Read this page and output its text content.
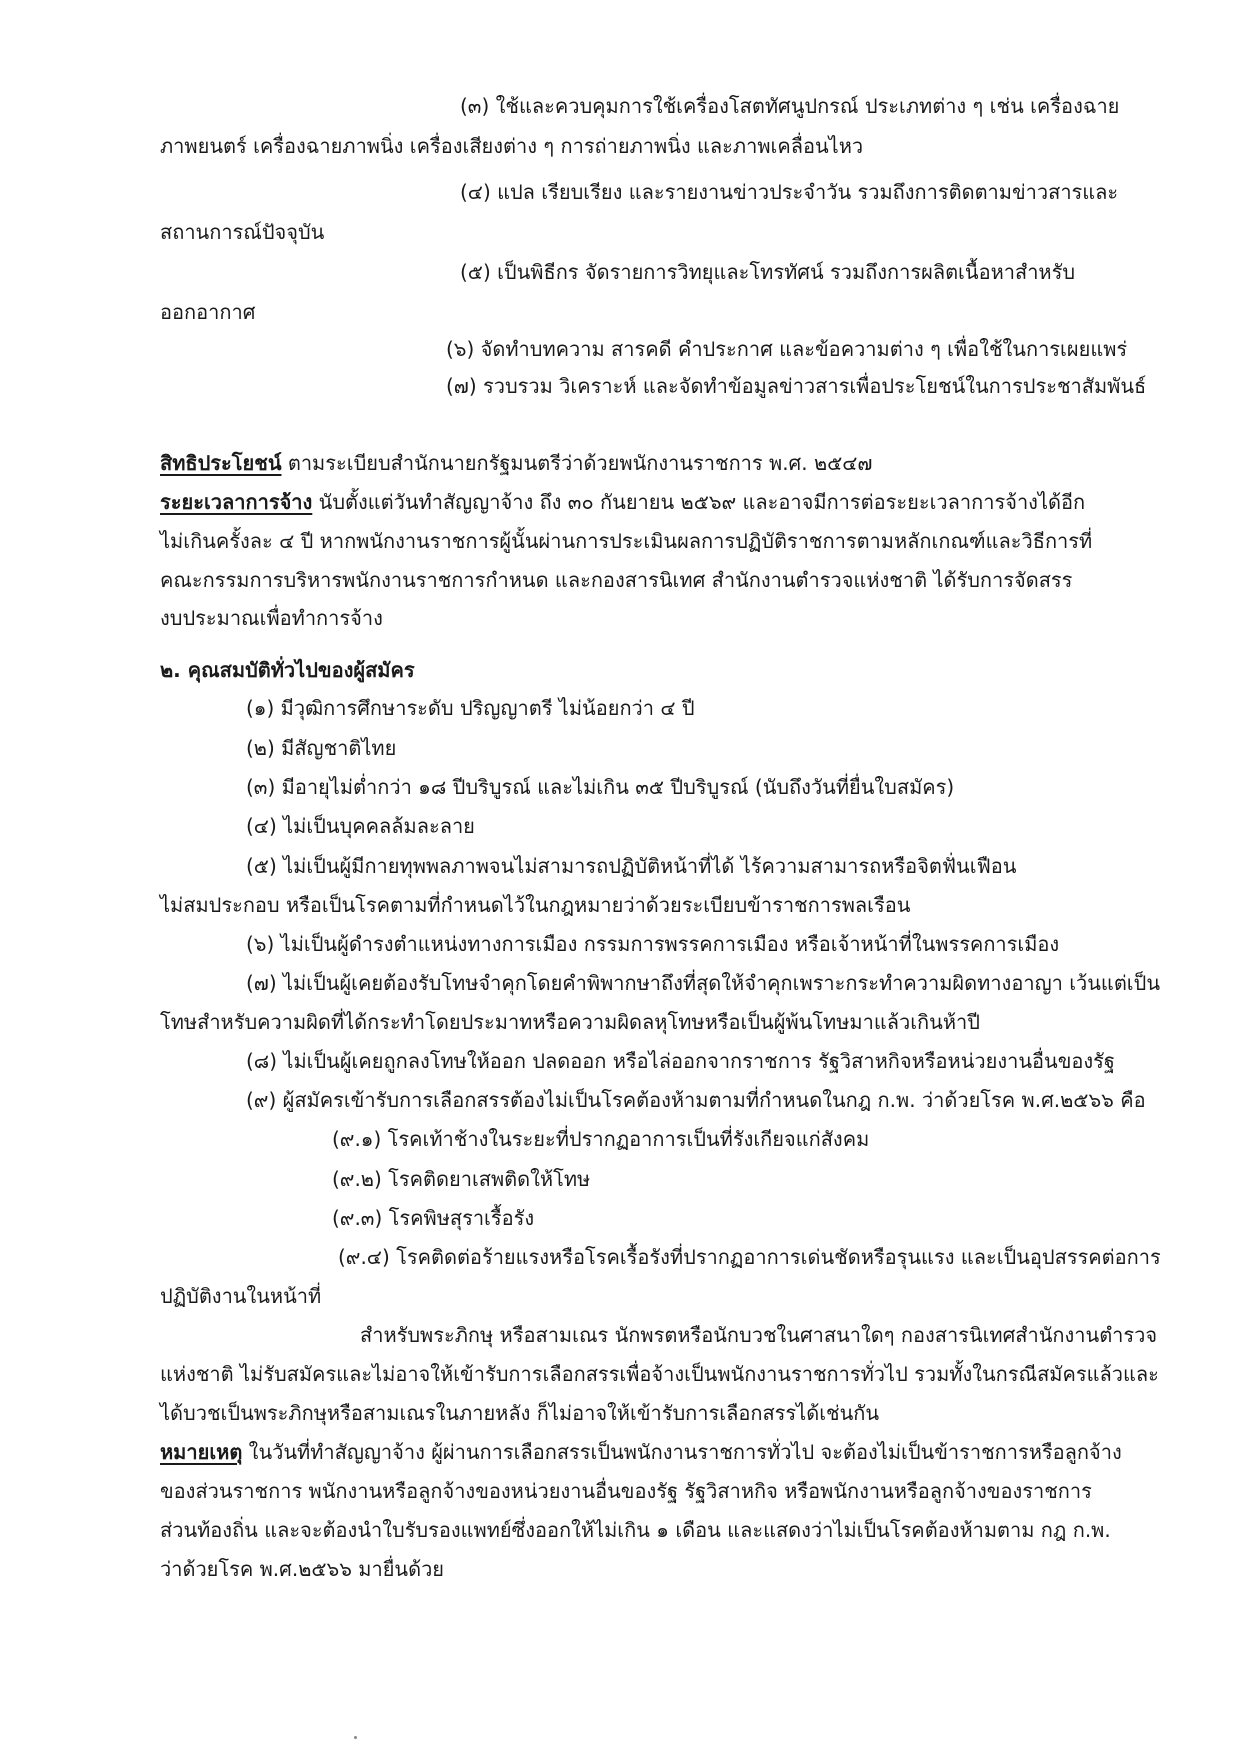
(๓) ใช้และควบคุมการใช้เครื่องโสตทัศนูปกรณ์ ประเภทต่าง ๆ เช่น เครื่องฉาย
ภาพยนตร์ เครื่องฉายภาพนิ่ง เครื่องเสียงต่าง ๆ การถ่ายภาพนิ่ง และภาพเคลื่อนไหว
(๔) แปล เรียบเรียง และรายงานข่าวประจำวัน รวมถึงการติดตามข่าวสารและ
สถานการณ์ปัจจุบัน
(๕) เป็นพิธีกร จัดรายการวิทยุและโทรทัศน์ รวมถึงการผลิตเนื้อหาสำหรับ
ออกอากาศ
(๖) จัดทำบทความ สารคดี คำประกาศ และข้อความต่าง ๆ เพื่อใช้ในการเผยแพร่
(๗) รวบรวม วิเคราะห์ และจัดทำข้อมูลข่าวสารเพื่อประโยชน์ในการประชาสัมพันธ์
สิทธิประโยชน์ ตามระเบียบสำนักนายกรัฐมนตรีว่าด้วยพนักงานราชการ พ.ศ. ๒๕๔๗
ระยะเวลาการจ้าง นับตั้งแต่วันทำสัญญาจ้าง ถึง ๓๐ กันยายน ๒๕๖๙ และอาจมีการต่อระยะเวลาการจ้างได้อีก
ไม่เกินครั้งละ ๔ ปี หากพนักงานราชการผู้นั้นผ่านการประเมินผลการปฏิบัติราชการตามหลักเกณฑ์และวิธีการที่
คณะกรรมการบริหารพนักงานราชการกำหนด และกองสารนิเทศ สำนักงานตำรวจแห่งชาติ ได้รับการจัดสรร
งบประมาณเพื่อทำการจ้าง
๒. คุณสมบัติทั่วไปของผู้สมัคร
(๑) มีวุฒิการศึกษาระดับ ปริญญาตรี ไม่น้อยกว่า ๔ ปี
(๒) มีสัญชาติไทย
(๓) มีอายุไม่ต่ำกว่า ๑๘ ปีบริบูรณ์ และไม่เกิน ๓๕ ปีบริบูรณ์ (นับถึงวันที่ยื่นใบสมัคร)
(๔) ไม่เป็นบุคคลล้มละลาย
(๕) ไม่เป็นผู้มีกายทุพพลภาพจนไม่สามารถปฏิบัติหน้าที่ได้ ไร้ความสามารถหรือจิตฟั่นเฟือน
ไม่สมประกอบ หรือเป็นโรคตามที่กำหนดไว้ในกฎหมายว่าด้วยระเบียบข้าราชการพลเรือน
(๖) ไม่เป็นผู้ดำรงตำแหน่งทางการเมือง กรรมการพรรคการเมือง หรือเจ้าหน้าที่ในพรรคการเมือง
(๗) ไม่เป็นผู้เคยต้องรับโทษจำคุกโดยคำพิพากษาถึงที่สุดให้จำคุกเพราะกระทำความผิดทางอาญา เว้นแต่เป็น
โทษสำหรับความผิดที่ได้กระทำโดยประมาทหรือความผิดลหุโทษหรือเป็นผู้พ้นโทษมาแล้วเกินห้าปี
(๘) ไม่เป็นผู้เคยถูกลงโทษให้ออก ปลดออก หรือไล่ออกจากราชการ รัฐวิสาหกิจหรือหน่วยงานอื่นของรัฐ
(๙) ผู้สมัครเข้ารับการเลือกสรรต้องไม่เป็นโรคต้องห้ามตามที่กำหนดในกฎ ก.พ. ว่าด้วยโรค พ.ศ.๒๕๖๖ คือ
(๙.๑) โรคเท้าช้างในระยะที่ปรากฏอาการเป็นที่รังเกียจแก่สังคม
(๙.๒) โรคติดยาเสพติดให้โทษ
(๙.๓) โรคพิษสุราเรื้อรัง
(๙.๔) โรคติดต่อร้ายแรงหรือโรคเรื้อรังที่ปรากฏอาการเด่นชัดหรือรุนแรง และเป็นอุปสรรคต่อการ
ปฏิบัติงานในหน้าที่
สำหรับพระภิกษุ หรือสามเณร นักพรตหรือนักบวชในศาสนาใดๆ กองสารนิเทศสำนักงานตำรวจ
แห่งชาติ ไม่รับสมัครและไม่อาจให้เข้ารับการเลือกสรรเพื่อจ้างเป็นพนักงานราชการทั่วไป รวมทั้งในกรณีสมัครแล้วและ
ได้บวชเป็นพระภิกษุหรือสามเณรในภายหลัง ก็ไม่อาจให้เข้ารับการเลือกสรรได้เช่นกัน
หมายเหตุ ในวันที่ทำสัญญาจ้าง ผู้ผ่านการเลือกสรรเป็นพนักงานราชการทั่วไป จะต้องไม่เป็นข้าราชการหรือลูกจ้าง
ของส่วนราชการ พนักงานหรือลูกจ้างของหน่วยงานอื่นของรัฐ รัฐวิสาหกิจ หรือพนักงานหรือลูกจ้างของราชการ
ส่วนท้องถิ่น และจะต้องนำใบรับรองแพทย์ซึ่งออกให้ไม่เกิน ๑ เดือน และแสดงว่าไม่เป็นโรคต้องห้ามตาม กฎ ก.พ.
ว่าด้วยโรค พ.ศ.๒๕๖๖ มายื่นด้วย
